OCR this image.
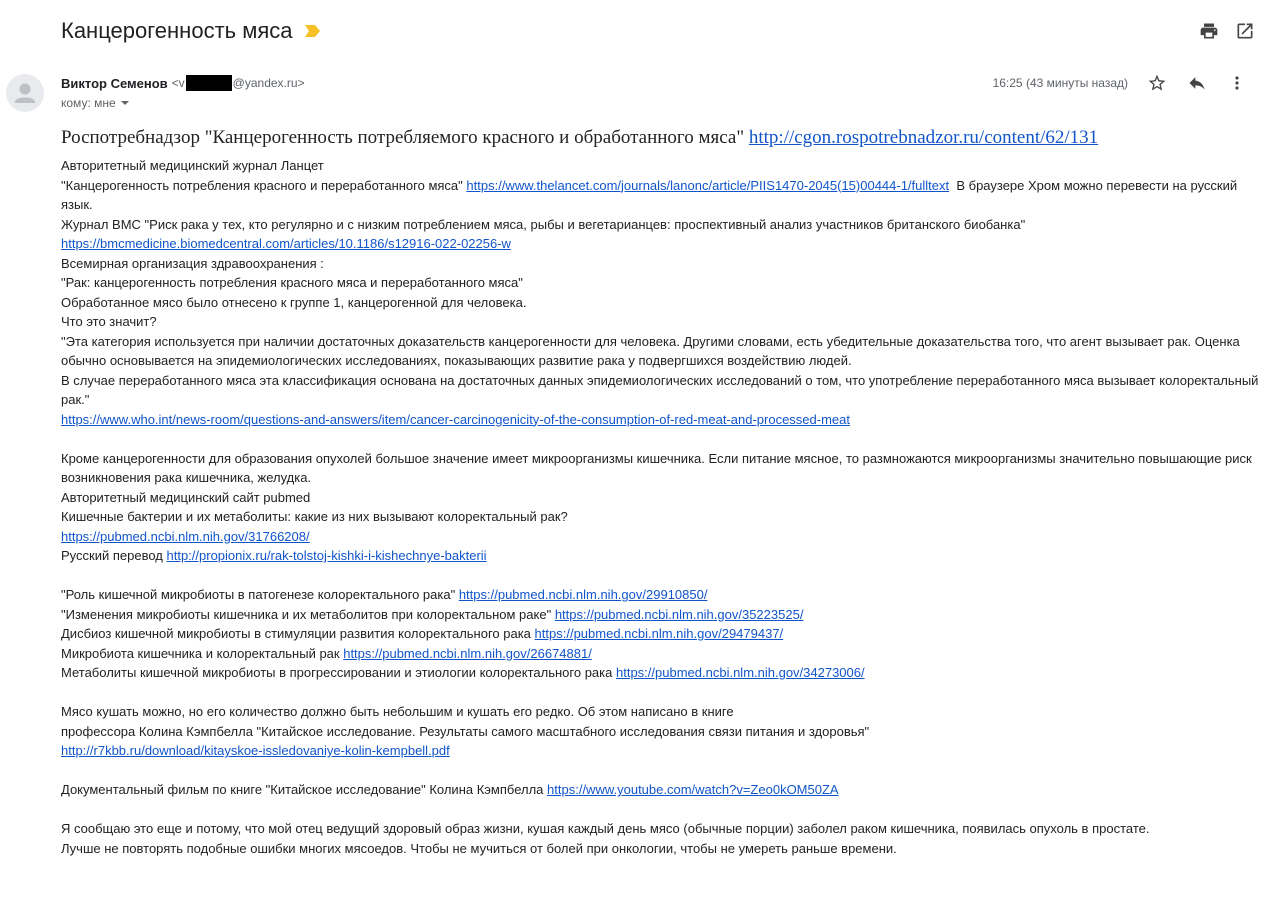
Канцерогенность мяса
Виктор Семенов <v	@yandex.ru>
кому: мне
16:25 (43 минуты назад)
Роспотребнадзор "Канцерогенность потребляемого красного и обработанного мяса" http://cgon.rospotrebnadzor.ru/content/62/131
Авторитетный медицинский журнал Ланцет
"Канцерогенность потребления красного и переработанного мяса" https://www.thelancet.com/journals/lanonc/article/PIIS1470-2045(15)00444-1/fulltext  В браузере Хром можно перевести на русский язык.
Журнал BMC "Риск рака у тех, кто регулярно и с низким потреблением мяса, рыбы и вегетарианцев: проспективный анализ участников британского биобанка"
https://bmcmedicine.biomedcentral.com/articles/10.1186/s12916-022-02256-w
Всемирная организация здравоохранения :
"Рак: канцерогенность потребления красного мяса и переработанного мяса"
Обработанное мясо было отнесено к группе 1, канцерогенной для человека.
Что это значит?
"Эта категория используется при наличии достаточных доказательств канцерогенности для человека. Другими словами, есть убедительные доказательства того, что агент вызывает рак. Оценка обычно основывается на эпидемиологических исследованиях, показывающих развитие рака у подвергшихся воздействию людей.
В случае переработанного мяса эта классификация основана на достаточных данных эпидемиологических исследований о том, что употребление переработанного мяса вызывает колоректальный рак."
https://www.who.int/news-room/questions-and-answers/item/cancer-carcinogenicity-of-the-consumption-of-red-meat-and-processed-meat
Кроме канцерогенности для образования опухолей большое значение имеет микроорганизмы кишечника. Если питание мясное, то размножаются микроорганизмы значительно повышающие риск возникновения рака кишечника, желудка.
Авторитетный медицинский сайт pubmed
Кишечные бактерии и их метаболиты: какие из них вызывают колоректальный рак?
https://pubmed.ncbi.nlm.nih.gov/31766208/
Русский перевод http://propionix.ru/rak-tolstoj-kishki-i-kishechnye-bakterii
"Роль кишечной микробиоты в патогенезе колоректального рака" https://pubmed.ncbi.nlm.nih.gov/29910850/
"Изменения микробиоты кишечника и их метаболитов при колоректальном раке" https://pubmed.ncbi.nlm.nih.gov/35223525/
Дисбиоз кишечной микробиоты в стимуляции развития колоректального рака https://pubmed.ncbi.nlm.nih.gov/29479437/
Микробиота кишечника и колоректальный рак https://pubmed.ncbi.nlm.nih.gov/26674881/
Метаболиты кишечной микробиоты в прогрессировании и этиологии колоректального рака https://pubmed.ncbi.nlm.nih.gov/34273006/
Мясо кушать можно, но его количество должно быть небольшим и кушать его редко. Об этом написано в книге
профессора Колина Кэмпбелла "Китайское исследование. Результаты самого масштабного исследования связи питания и здоровья"
http://r7kbb.ru/download/kitayskoe-issledovaniye-kolin-kempbell.pdf
Документальный фильм по книге "Китайское исследование" Колина Кэмпбелла https://www.youtube.com/watch?v=Zeo0kOM50ZA
Я сообщаю это еще и потому, что мой отец ведущий здоровый образ жизни, кушая каждый день мясо (обычные порции) заболел раком кишечника, появилась опухоль в простате.
Лучше не повторять подобные ошибки многих мясоедов. Чтобы не мучиться от болей при онкологии, чтобы не умереть раньше времени.
